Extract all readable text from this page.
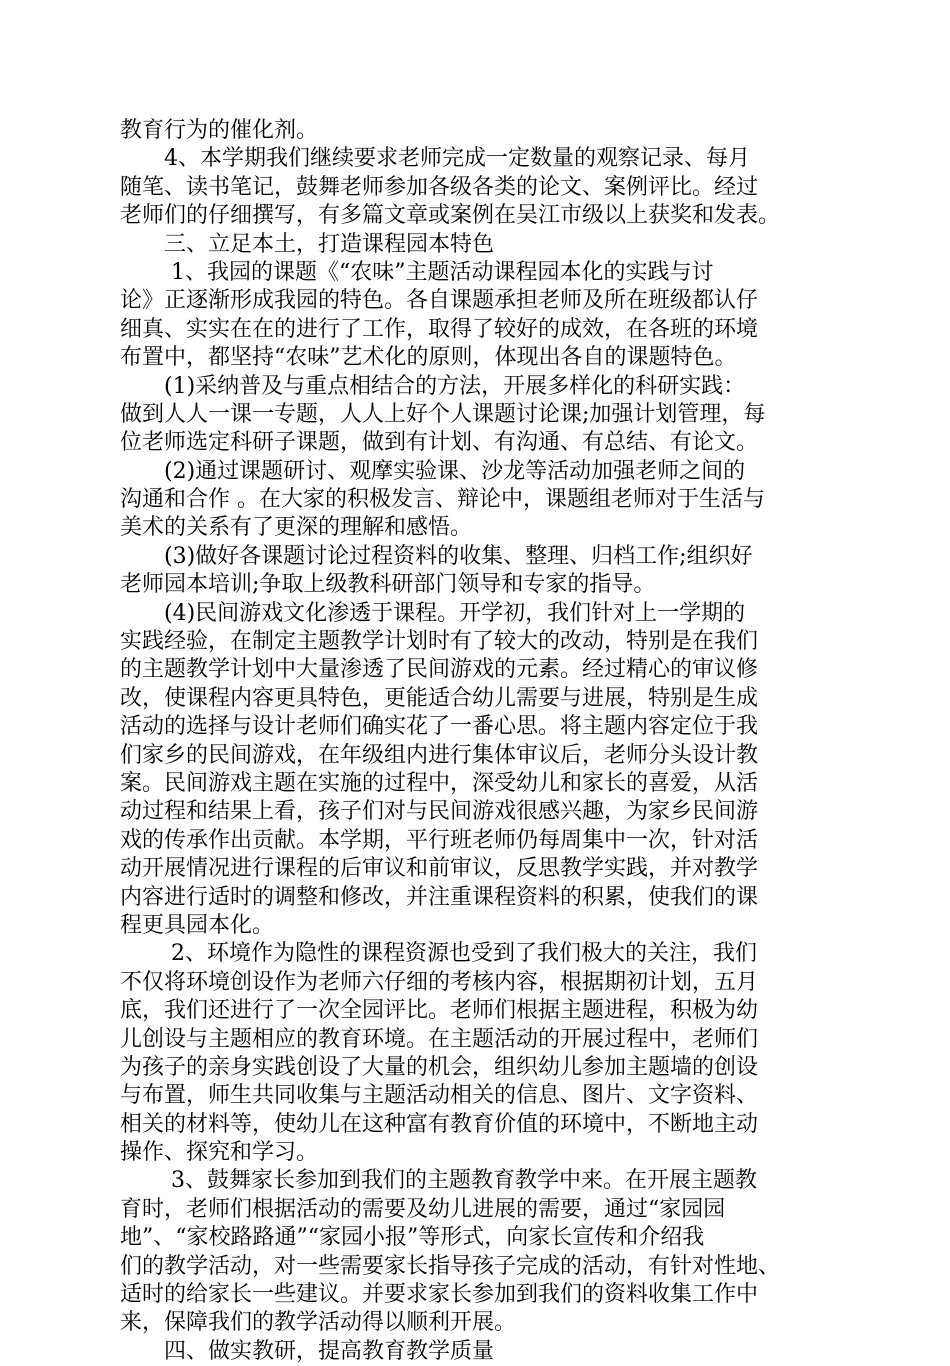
教育行为的催化剂。
　　4、本学期我们继续要求老师完成一定数量的观察记录、每月
随笔、读书笔记，鼓舞老师参加各级各类的论文、案例评比。经过
老师们的仔细撰写，有多篇文章或案例在吴江市级以上获奖和发表。
　　三、立足本土，打造课程园本特色
　　 1、我园的课题《“农味”主题活动课程园本化的实践与讨
论》正逐渐形成我园的特色。各自课题承担老师及所在班级都认仔
细真、实实在在的进行了工作，取得了较好的成效，在各班的环境
布置中，都坚持“农味”艺术化的原则，体现出各自的课题特色。
　　(1)采纳普及与重点相结合的方法，开展多样化的科研实践：
做到人人一课一专题，人人上好个人课题讨论课;加强计划管理，每
位老师选定科研子课题，做到有计划、有沟通、有总结、有论文。
　　(2)通过课题研讨、观摩实验课、沙龙等活动加强老师之间的
沟通和合作 。在大家的积极发言、辩论中，课题组老师对于生活与
美术的关系有了更深的理解和感悟。
　　(3)做好各课题讨论过程资料的收集、整理、归档工作;组织好
老师园本培训;争取上级教科研部门领导和专家的指导。
　　(4)民间游戏文化渗透于课程。开学初，我们针对上一学期的
实践经验，在制定主题教学计划时有了较大的改动，特别是在我们
的主题教学计划中大量渗透了民间游戏的元素。经过精心的审议修
改，使课程内容更具特色，更能适合幼儿需要与进展，特别是生成
活动的选择与设计老师们确实花了一番心思。将主题内容定位于我
们家乡的民间游戏，在年级组内进行集体审议后，老师分头设计教
案。民间游戏主题在实施的过程中，深受幼儿和家长的喜爱，从活
动过程和结果上看，孩子们对与民间游戏很感兴趣，为家乡民间游
戏的传承作出贡献。本学期，平行班老师仍每周集中一次，针对活
动开展情况进行课程的后审议和前审议，反思教学实践，并对教学
内容进行适时的调整和修改，并注重课程资料的积累，使我们的课
程更具园本化。
　　 2、环境作为隐性的课程资源也受到了我们极大的关注，我们
不仅将环境创设作为老师六仔细的考核内容，根据期初计划，五月
底，我们还进行了一次全园评比。老师们根据主题进程，积极为幼
儿创设与主题相应的教育环境。在主题活动的开展过程中，老师们
为孩子的亲身实践创设了大量的机会，组织幼儿参加主题墙的创设
与布置，师生共同收集与主题活动相关的信息、图片、文字资料、
相关的材料等，使幼儿在这种富有教育价值的环境中，不断地主动
操作、探究和学习。
　　 3、鼓舞家长参加到我们的主题教育教学中来。在开展主题教
育时，老师们根据活动的需要及幼儿进展的需要，通过“家园园
地”、“家校路路通”“家园小报”等形式，向家长宣传和介绍我
们的教学活动，对一些需要家长指导孩子完成的活动，有针对性地、
适时的给家长一些建议。并要求家长参加到我们的资料收集工作中
来，保障我们的教学活动得以顺利开展。
　　四、做实教研，提高教育教学质量
